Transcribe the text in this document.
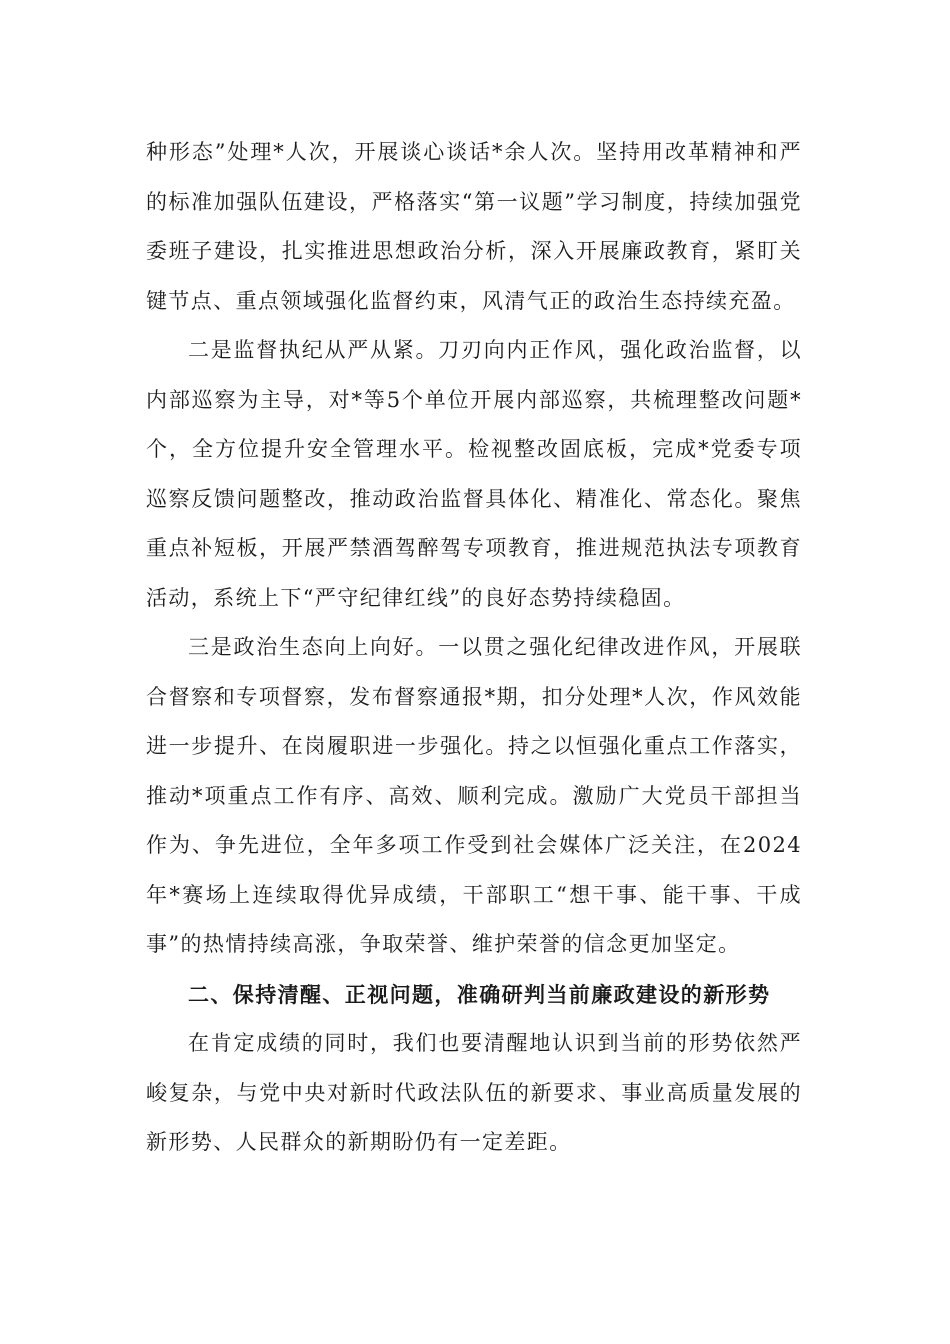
种形态”处理*人次，开展谈心谈话*余人次。坚持用改革精神和严的标准加强队伍建设，严格落实“第一议题”学习制度，持续加强党委班子建设，扎实推进思想政治分析，深入开展廉政教育，紧盯关键节点、重点领域强化监督约束，风清气正的政治生态持续充盈。

二是监督执纪从严从紧。刀刃向内正作风，强化政治监督，以内部巡察为主导，对*等5个单位开展内部巡察，共梳理整改问题*个，全方位提升安全管理水平。检视整改固底板，完成*党委专项巡察反馈问题整改，推动政治监督具体化、精准化、常态化。聚焦重点补短板，开展严禁酒驾醉驾专项教育，推进规范执法专项教育活动，系统上下“严守纪律红线”的良好态势持续稳固。

三是政治生态向上向好。一以贯之强化纪律改进作风，开展联合督察和专项督察，发布督察通报*期，扣分处理*人次，作风效能进一步提升、在岗履职进一步强化。持之以恒强化重点工作落实，推动*项重点工作有序、高效、顺利完成。激励广大党员干部担当作为、争先进位，全年多项工作受到社会媒体广泛关注，在2024年*赛场上连续取得优异成绩，干部职工“想干事、能干事、干成事”的热情持续高涨，争取荣誉、维护荣誉的信念更加坚定。

二、保持清醒、正视问题，准确研判当前廉政建设的新形势

在肯定成绩的同时，我们也要清醒地认识到当前的形势依然严峻复杂，与党中央对新时代政法队伍的新要求、事业高质量发展的新形势、人民群众的新期盼仍有一定差距。
